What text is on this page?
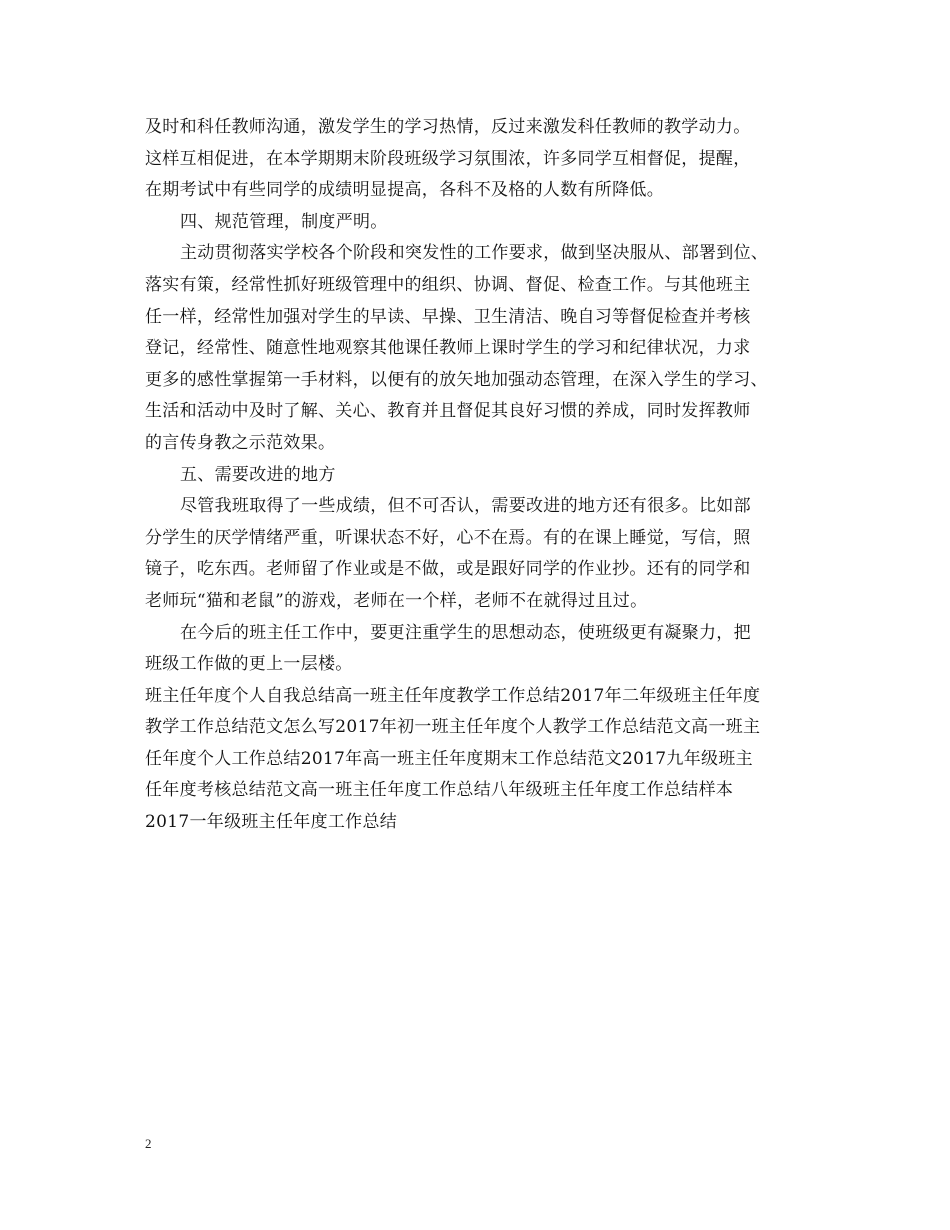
及时和科任教师沟通，激发学生的学习热情，反过来激发科任教师的教学动力。
这样互相促进，在本学期期末阶段班级学习氛围浓，许多同学互相督促，提醒，
在期考试中有些同学的成绩明显提高，各科不及格的人数有所降低。
四、规范管理，制度严明。
主动贯彻落实学校各个阶段和突发性的工作要求，做到坚决服从、部署到位、
落实有策，经常性抓好班级管理中的组织、协调、督促、检查工作。与其他班主
任一样，经常性加强对学生的早读、早操、卫生清洁、晚自习等督促检查并考核
登记，经常性、随意性地观察其他课任教师上课时学生的学习和纪律状况，力求
更多的感性掌握第一手材料，以便有的放矢地加强动态管理，在深入学生的学习、
生活和活动中及时了解、关心、教育并且督促其良好习惯的养成，同时发挥教师
的言传身教之示范效果。
五、需要改进的地方
尽管我班取得了一些成绩，但不可否认，需要改进的地方还有很多。比如部
分学生的厌学情绪严重，听课状态不好，心不在焉。有的在课上睡觉，写信，照
镜子，吃东西。老师留了作业或是不做，或是跟好同学的作业抄。还有的同学和
老师玩“猫和老鼠”的游戏，老师在一个样，老师不在就得过且过。
在今后的班主任工作中，要更注重学生的思想动态，使班级更有凝聚力，把
班级工作做的更上一层楼。
班主任年度个人自我总结高一班主任年度教学工作总结2017年二年级班主任年度
教学工作总结范文怎么写2017年初一班主任年度个人教学工作总结范文高一班主
任年度个人工作总结2017年高一班主任年度期末工作总结范文2017九年级班主
任年度考核总结范文高一班主任年度工作总结八年级班主任年度工作总结样本
2017一年级班主任年度工作总结
2
